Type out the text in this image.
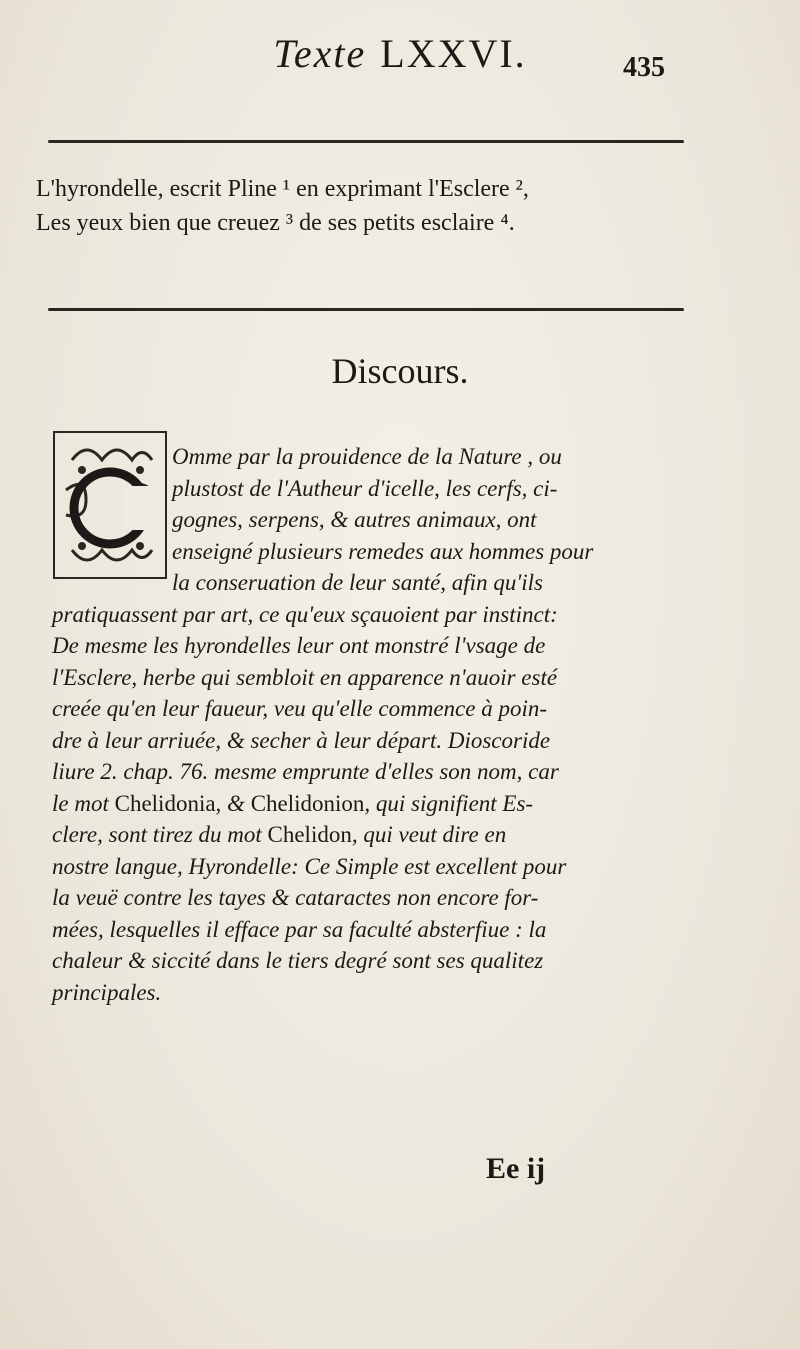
Texte LXXVI.	435
L'hyrondelle, escrit Pline ¹ en exprimant l'Esclere ²,
Les yeux bien que creuez ³ de ses petits esclaire ⁴.
Discours.
Omme par la prouidence de la Nature , ou
plustost de l'Autheur d'icelle, les cerfs, ci-
gognes, serpens, & autres animaux, ont
enseigné plusieurs remedes aux hommes pour
la conseruation de leur santé, afin qu'ils
pratiquassent par art, ce qu'eux sçauoient par instinct:
De mesme les hyrondelles leur ont monstré l'vsage de
l'Esclere, herbe qui sembloit en apparence n'auoir esté
creée qu'en leur faueur, veu qu'elle commence à poin-
dre à leur arriuée, & secher à leur départ. Dioscoride
liure 2. chap. 76. mesme emprunte d'elles son nom, car
le mot Chelidonia, & Chelidonion, qui signifient Es-
clere, sont tirez du mot Chelidon, qui veut dire en
nostre langue, Hyrondelle: Ce Simple est excellent pour
la veuë contre les tayes & cataractes non encore for-
mées, lesquelles il efface par sa faculté absterfiue : la
chaleur & siccité dans le tiers degré sont ses qualitez
principales.
Ee ij
